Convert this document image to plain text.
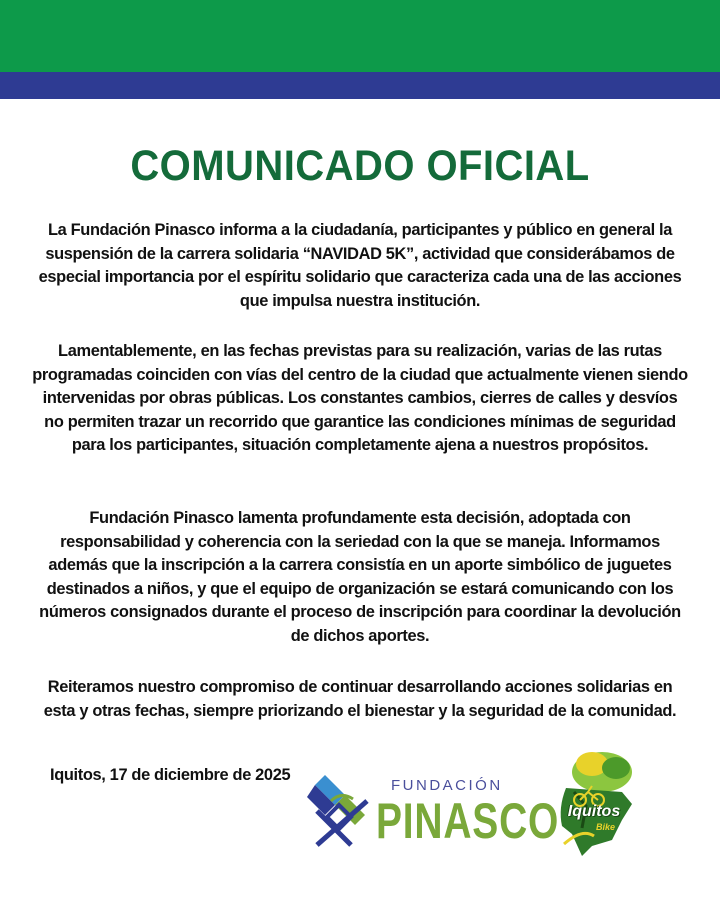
COMUNICADO OFICIAL

La Fundación Pinasco informa a la ciudadanía, participantes y público en general la suspensión de la carrera solidaria “NAVIDAD 5K”, actividad que considerábamos de especial importancia por el espíritu solidario que caracteriza cada una de las acciones que impulsa nuestra institución.

Lamentablemente, en las fechas previstas para su realización, varias de las rutas programadas coinciden con vías del centro de la ciudad que actualmente vienen siendo intervenidas por obras públicas. Los constantes cambios, cierres de calles y desvíos no permiten trazar un recorrido que garantice las condiciones mínimas de seguridad para los participantes, situación completamente ajena a nuestros propósitos.

Fundación Pinasco lamenta profundamente esta decisión, adoptada con responsabilidad y coherencia con la seriedad con la que se maneja. Informamos además que la inscripción a la carrera consistía en un aporte simbólico de juguetes destinados a niños, y que el equipo de organización se estará comunicando con los números consignados durante el proceso de inscripción para coordinar la devolución de dichos aportes.

Reiteramos nuestro compromiso de continuar desarrollando acciones solidarias en esta y otras fechas, siempre priorizando el bienestar y la seguridad de la comunidad.

Iquitos, 17 de diciembre de 2025
FUNDACIÓN
PINASCO Iquitos
Bike
